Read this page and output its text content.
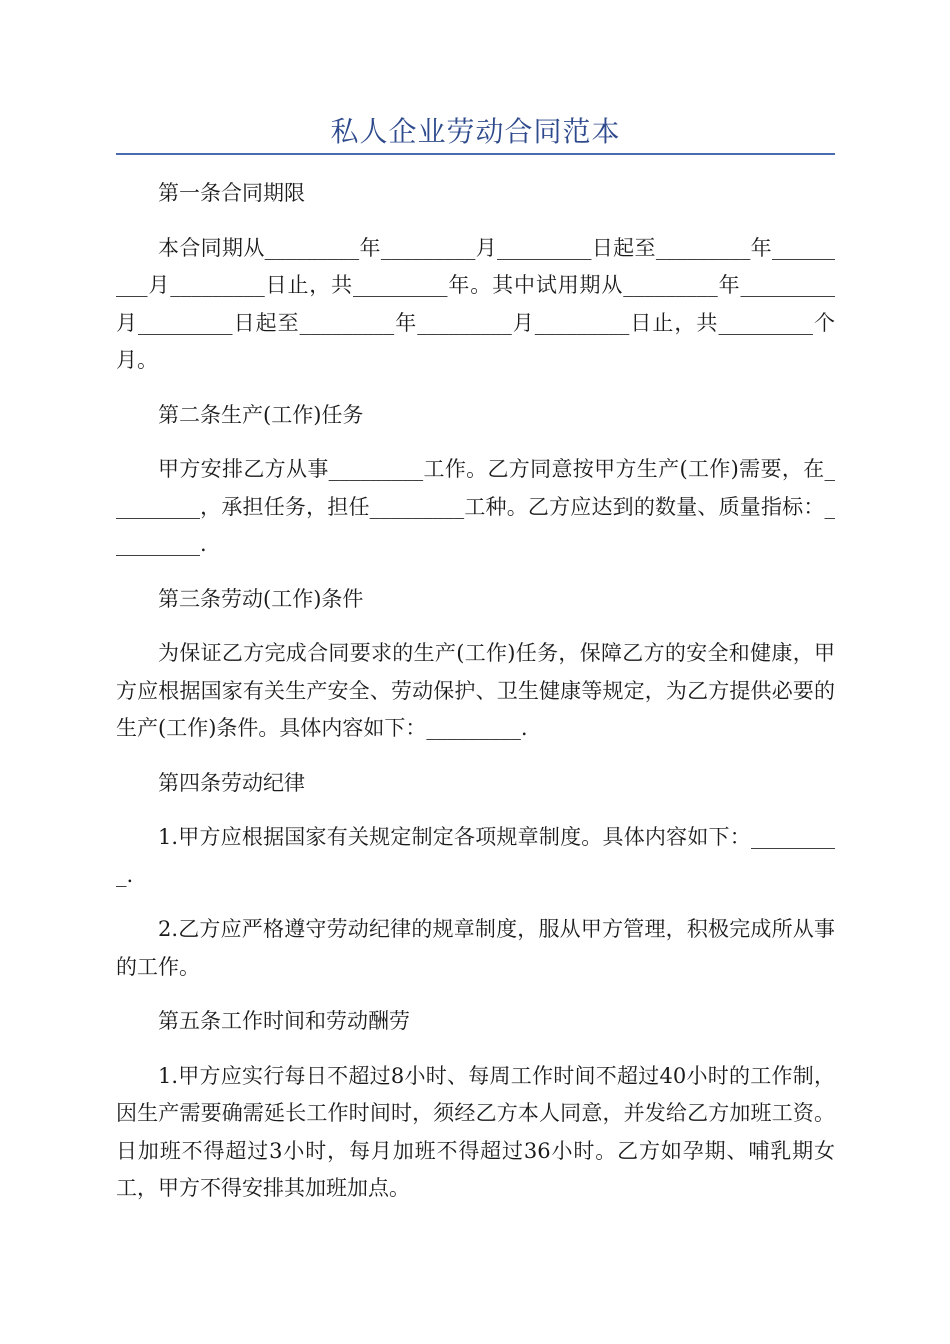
私人企业劳动合同范本

第一条合同期限

本合同期从_________年_________月_________日起至_________年_________月_________日止，共_________年。其中试用期从_________年_________月_________日起至_________年_________月_________日止，共_________个月。

第二条生产(工作)任务

甲方安排乙方从事_________工作。乙方同意按甲方生产(工作)需要，在_________，承担任务，担任_________工种。乙方应达到的数量、质量指标：_________.

第三条劳动(工作)条件

为保证乙方完成合同要求的生产(工作)任务，保障乙方的安全和健康，甲方应根据国家有关生产安全、劳动保护、卫生健康等规定，为乙方提供必要的生产(工作)条件。具体内容如下：_________.

第四条劳动纪律

1.甲方应根据国家有关规定制定各项规章制度。具体内容如下：_________.

2.乙方应严格遵守劳动纪律的规章制度，服从甲方管理，积极完成所从事的工作。

第五条工作时间和劳动酬劳

1.甲方应实行每日不超过8小时、每周工作时间不超过40小时的工作制，因生产需要确需延长工作时间时，须经乙方本人同意，并发给乙方加班工资。日加班不得超过3小时，每月加班不得超过36小时。乙方如孕期、哺乳期女工，甲方不得安排其加班加点。
